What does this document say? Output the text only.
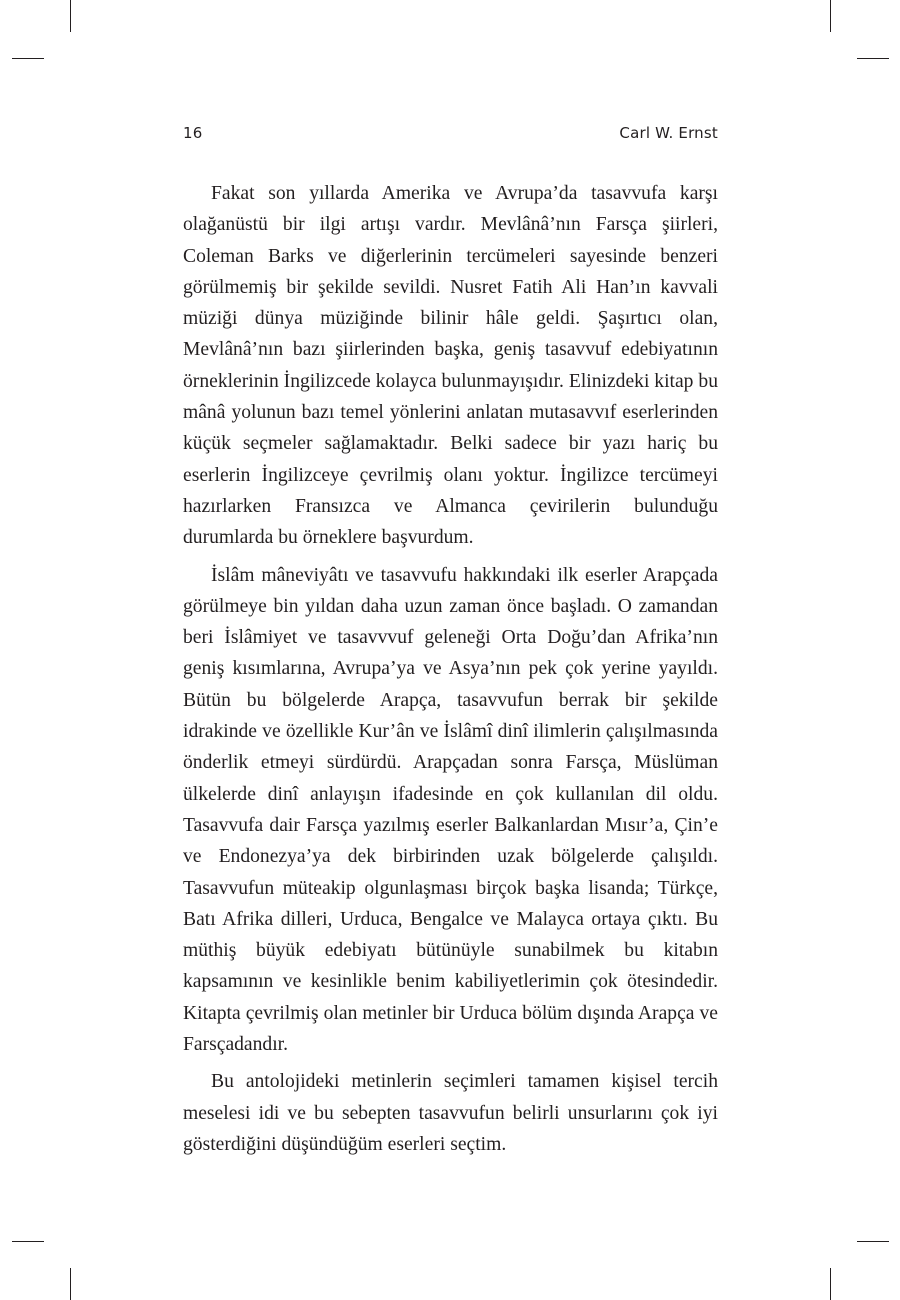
16	Carl W. Ernst

Fakat son yıllarda Amerika ve Avrupa’da tasavvufa karşı olağanüstü bir ilgi artışı vardır. Mevlânâ’nın Farsça şiirleri, Coleman Barks ve diğerlerinin tercümeleri sayesinde benzeri görülmemiş bir şekilde sevildi. Nusret Fatih Ali Han’ın kavvali müziği dünya müziğinde bilinir hâle geldi. Şaşırtıcı olan, Mevlânâ’nın bazı şiirlerinden başka, geniş tasavvuf edebiyatının örneklerinin İngilizcede kolayca bulunmayışıdır. Elinizdeki kitap bu mânâ yolunun bazı temel yönlerini anlatan mutasavvıf eserlerinden küçük seçmeler sağlamaktadır. Belki sadece bir yazı hariç bu eserlerin İngilizceye çevrilmiş olanı yoktur. İngilizce tercümeyi hazırlarken Fransızca ve Almanca çevirilerin bulunduğu durumlarda bu örneklere başvurdum.

İslâm mâneviyâtı ve tasavvufu hakkındaki ilk eserler Arapçada görülmeye bin yıldan daha uzun zaman önce başladı. O zamandan beri İslâmiyet ve tasavvvuf geleneği Orta Doğu’dan Afrika’nın geniş kısımlarına, Avrupa’ya ve Asya’nın pek çok yerine yayıldı. Bütün bu bölgelerde Arapça, tasavvufun berrak bir şekilde idrakinde ve özellikle Kur’ân ve İslâmî dinî ilimlerin çalışılmasında önderlik etmeyi sürdürdü. Arapçadan sonra Farsça, Müslüman ülkelerde dinî anlayışın ifadesinde en çok kullanılan dil oldu. Tasavvufa dair Farsça yazılmış eserler Balkanlardan Mısır’a, Çin’e ve Endonezya’ya dek birbirinden uzak bölgelerde çalışıldı. Tasavvufun müteakip olgunlaşması birçok başka lisanda; Türkçe, Batı Afrika dilleri, Urduca, Bengalce ve Malayca ortaya çıktı. Bu müthiş büyük edebiyatı bütünüyle sunabilmek bu kitabın kapsamının ve kesinlikle benim kabiliyetlerimin çok ötesindedir. Kitapta çevrilmiş olan metinler bir Urduca bölüm dışında Arapça ve Farsçadandır.

Bu antolojideki metinlerin seçimleri tamamen kişisel tercih meselesi idi ve bu sebepten tasavvufun belirli unsurlarını çok iyi gösterdiğini düşündüğüm eserleri seçtim.
